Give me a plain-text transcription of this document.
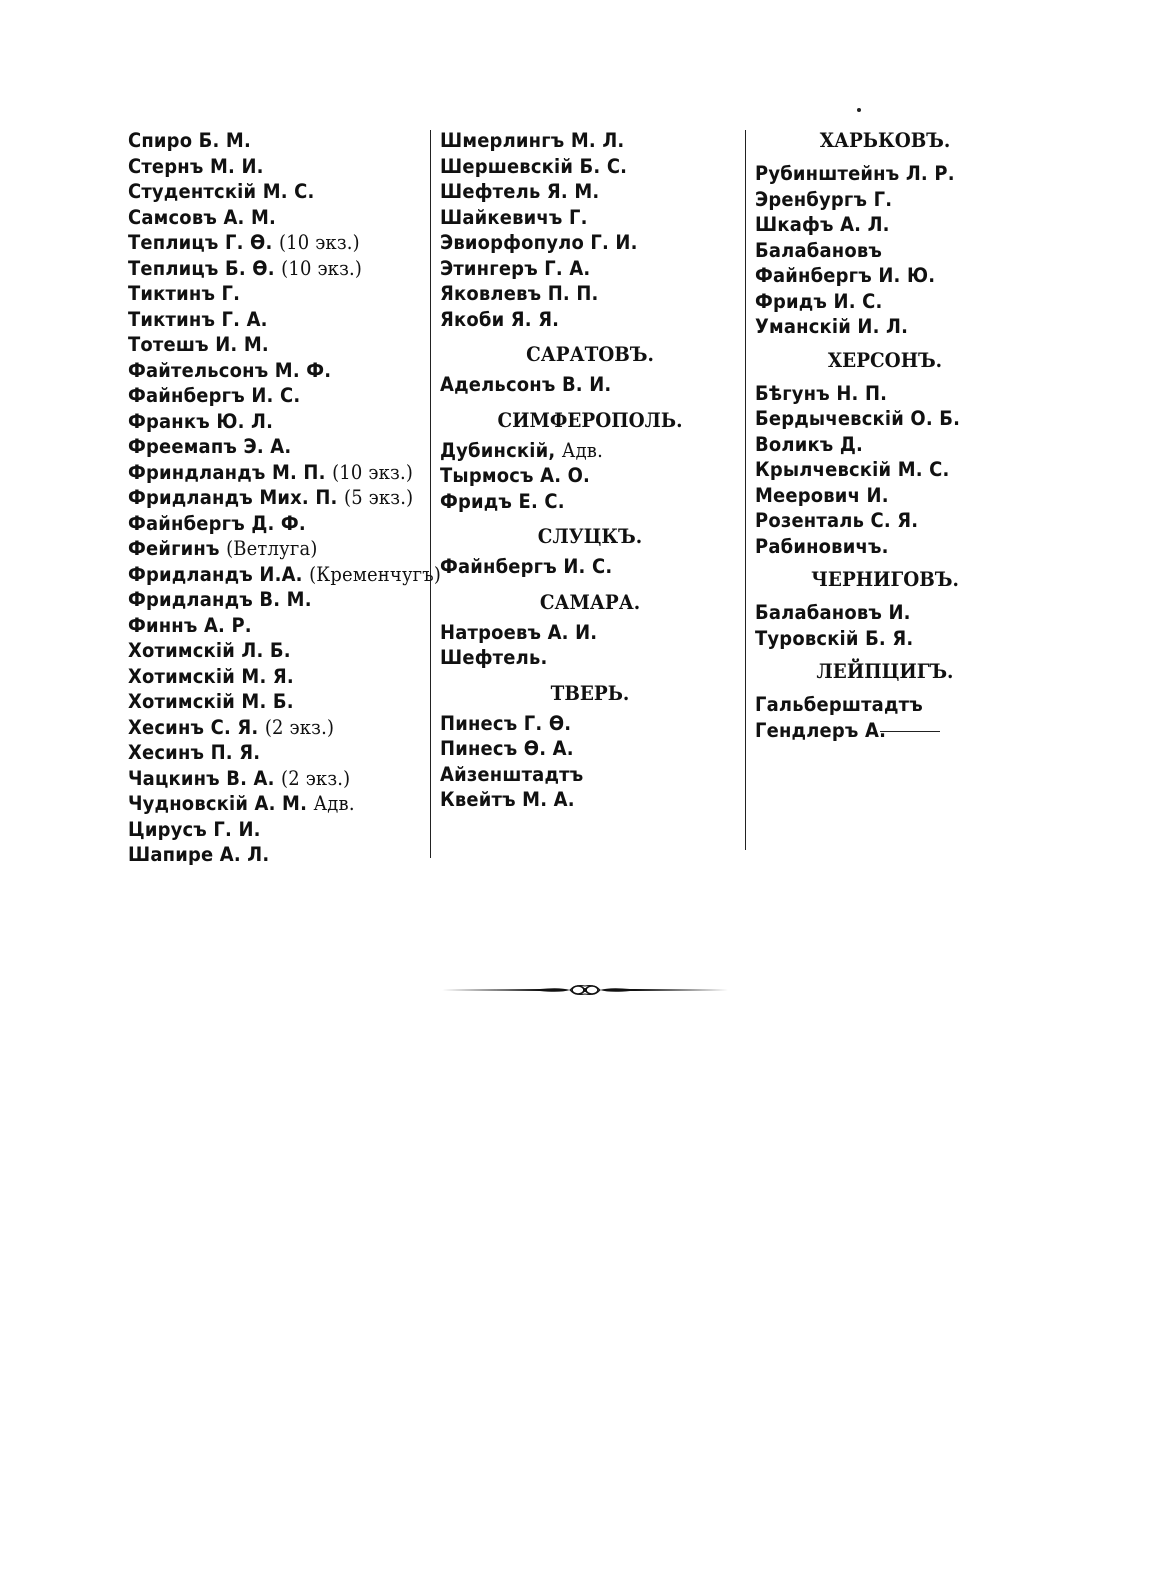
Спиро Б. М.
Стернъ М. И.
Студентскій М. С.
Сaмсовъ А. М.
Теплицъ Г. Ѳ. (10 экз.)
Теплицъ Б. Ѳ. (10 экз.)
Тиктинъ Г.
Тиктинъ Г. А.
Тотешъ И. М.
Файтельсонъ М. Ф.
Файнбергъ И. С.
Франкъ Ю. Л.
Фреемапъ Э. А.
Фриндландъ М. П. (10 экз.)
Фридландъ Мих. П. (5 экз.)
Файнбергъ Д. Ф.
Фейгинъ (Ветлуга)
Фридландъ И.А. (Кременчугъ)
Фридландъ В. М.
Финнъ А. Р.
Хотимскій Л. Б.
Хотимскій М. Я.
Хотимскій М. Б.
Хесинъ С. Я. (2 экз.)
Хесинъ П. Я.
Чацкинъ В. А. (2 экз.)
Чудновскій А. М. Адв.
Цирусъ Г. И.
Шапире А. Л.
Шмерлингъ М. Л.
Шершевскій Б. С.
Шефтель Я. М.
Шайкевичъ Г.
Эвиорфопуло Г. И.
Этингеръ Г. А.
Яковлевъ П. П.
Якоби Я. Я.
САРАТОВЪ.
Адельсонъ В. И.
СИМФЕРОПОЛЬ.
Дубинскій, Адв.
Тырмосъ А. О.
Фридъ Е. С.
СЛУЦКЪ.
Файнбергъ И. С.
САМАРА.
Натроевъ А. И.
Шефтель.
ТВЕРЬ.
Пинесъ Г. Ѳ.
Пинесъ Ѳ. А.
Айзенштадтъ
Квейтъ М. А.
ХАРЬКОВЪ.
Рубинштейнъ Л. Р.
Эренбургъ Г.
Шкафъ А. Л.
Балабановъ
Файнбергъ И. Ю.
Фридъ И. С.
Уманскій И. Л.
ХЕРСОНЪ.
Бѣгунъ Н. П.
Бердычевскій О. Б.
Воликъ Д.
Крылчевскій М. С.
Меерович И.
Розенталь С. Я.
Рабиновичъ.
ЧЕРНИГОВЪ.
Балабановъ И.
Туровскій Б. Я.
ЛЕЙПЦИГЪ.
Гальберштадтъ
Гендлеръ А.
